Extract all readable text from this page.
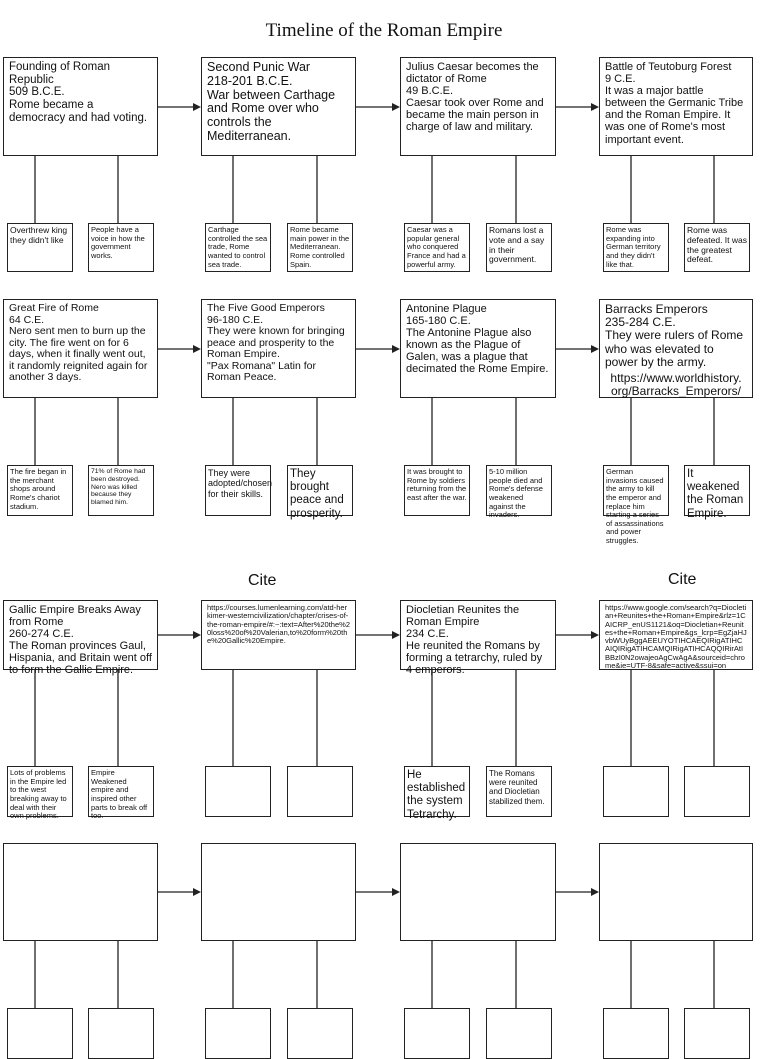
Timeline of the Roman Empire
Cite	Cite
Founding of Roman Republic
509 B.C.E.
Rome became a democracy and had voting.
Overthrew king they didn't like
People have a voice in how the government works.
Second Punic War
218-201 B.C.E.
War between Carthage and Rome over who controls the Mediterranean.
Carthage controlled the sea trade, Rome wanted to control sea trade.
Rome became main power in the Mediterranean. Rome controlled Spain.
Julius Caesar becomes the dictator of Rome
49 B.C.E.
Caesar took over Rome and became the main person in charge of law and military.
Caesar was a popular general who conquered France and had a powerful army.
Romans lost a vote and a say in their government.
Battle of Teutoburg Forest
9 C.E.
It was a major battle between the Germanic Tribe and the Roman Empire. It was one of Rome's most important event.
Rome was expanding into German territory and they didn't like that.
Rome was defeated. It was the greatest defeat.
Great Fire of Rome
64 C.E.
Nero sent men to burn up the city. The fire went on for 6 days, when it finally went out, it randomly reignited again for another 3 days.
The fire began in the merchant shops around Rome's chariot stadium.
71% of Rome had been destroyed. Nero was killed because they blamed him.
The Five Good Emperors
96-180 C.E.
They were known for bringing peace and prosperity to the Roman Empire.
"Pax Romana" Latin for Roman Peace.
They were adopted/chosen for their skills.
They brought peace and prosperity.
Antonine Plague
165-180 C.E.
The Antonine Plague also known as the Plague of Galen, was a plague that decimated the Rome Empire.
It was brought to Rome by soldiers returning from the east after the war.
5-10 million people died and Rome's defense weakened against the invaders.
Barracks Emperors
235-284 C.E.
They were rulers of Rome who was elevated to power by the army.
https://www.worldhistory.
org/Barracks_Emperors/
German invasions caused the army to kill the emperor and replace him starting a series of assassinations and power struggles.
It weakened the Roman Empire.
Gallic Empire Breaks Away from Rome
260-274 C.E.
The Roman provinces Gaul, Hispania, and Britain went off to form the Gallic Empire.
Lots of problems in the Empire led to the west breaking away to deal with their own problems.
Empire Weakened empire and inspired other parts to break off too.
https://courses.lumenlearning.com/atd-herkimer-westerncivilization/chapter/crises-of-the-roman-empire/#:~:text=After%20the%20loss%20of%20Valerian,to%20form%20the%20Gallic%20Empire.
Diocletian Reunites the Roman Empire
234 C.E.
He reunited the Romans by forming a tetrarchy, ruled by 4 emperors.
He established the system Tetrarchy.
The Romans were reunited and Diocletian stabilized them.
https://www.google.com/search?q=Diocletian+Reunites+the+Roman+Empire&rlz=1CAICRP_enUS1121&oq=Diocletian+Reunites+the+Roman+Empire&gs_lcrp=EgZjaHJvbWUyBggAEEUYOTIHCAEQIRigATIHCAIQIRigATIHCAMQIRigATIHCAQQIRirAtIBBzI0N2owajeoAgCwAgA&sourceid=chrome&ie=UTF-8&safe=active&ssui=on
